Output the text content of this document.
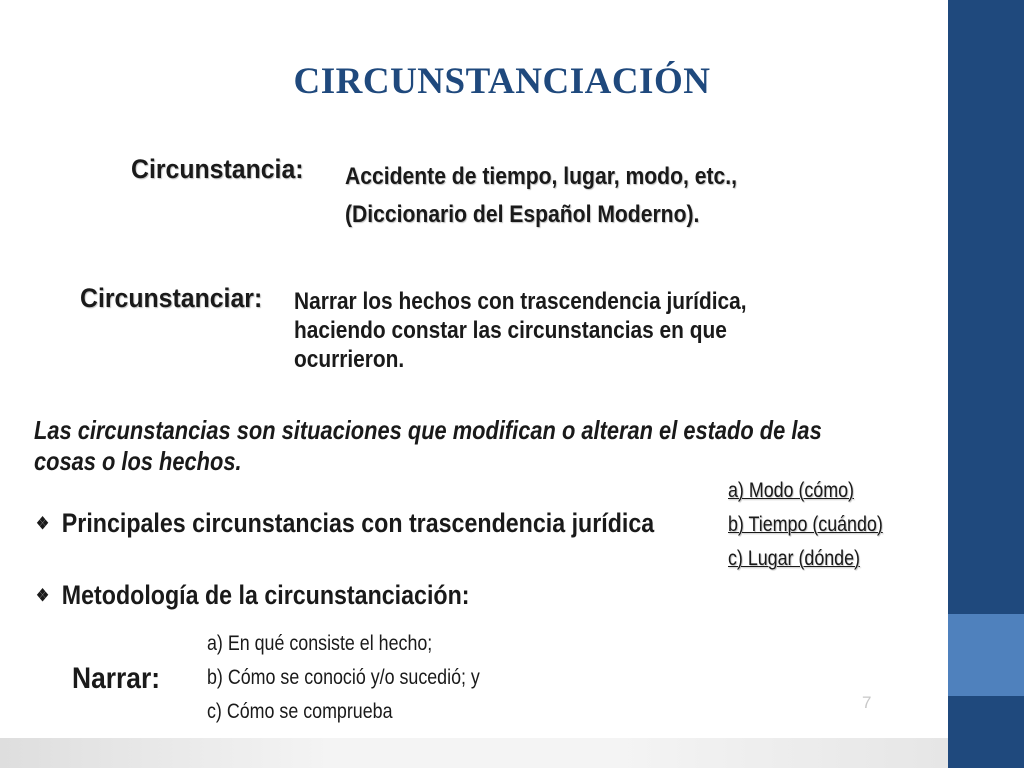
CIRCUNSTANCIACIÓN
Circunstancia: Accidente de tiempo, lugar, modo, etc.,
(Diccionario del Español Moderno).
Circunstanciar: Narrar los hechos con trascendencia jurídica,
haciendo constar las circunstancias en que
ocurrieron.
Las circunstancias son situaciones que modifican o alteran el estado de las cosas o los hechos.
❖ Principales circunstancias con trascendencia jurídica
❖ Metodología de la circunstanciación:
a) Modo (cómo)
b) Tiempo (cuándo)
c) Lugar (dónde)
Narrar:
a) En qué consiste el hecho;
b) Cómo se conoció y/o sucedió; y
c) Cómo se comprueba	7
